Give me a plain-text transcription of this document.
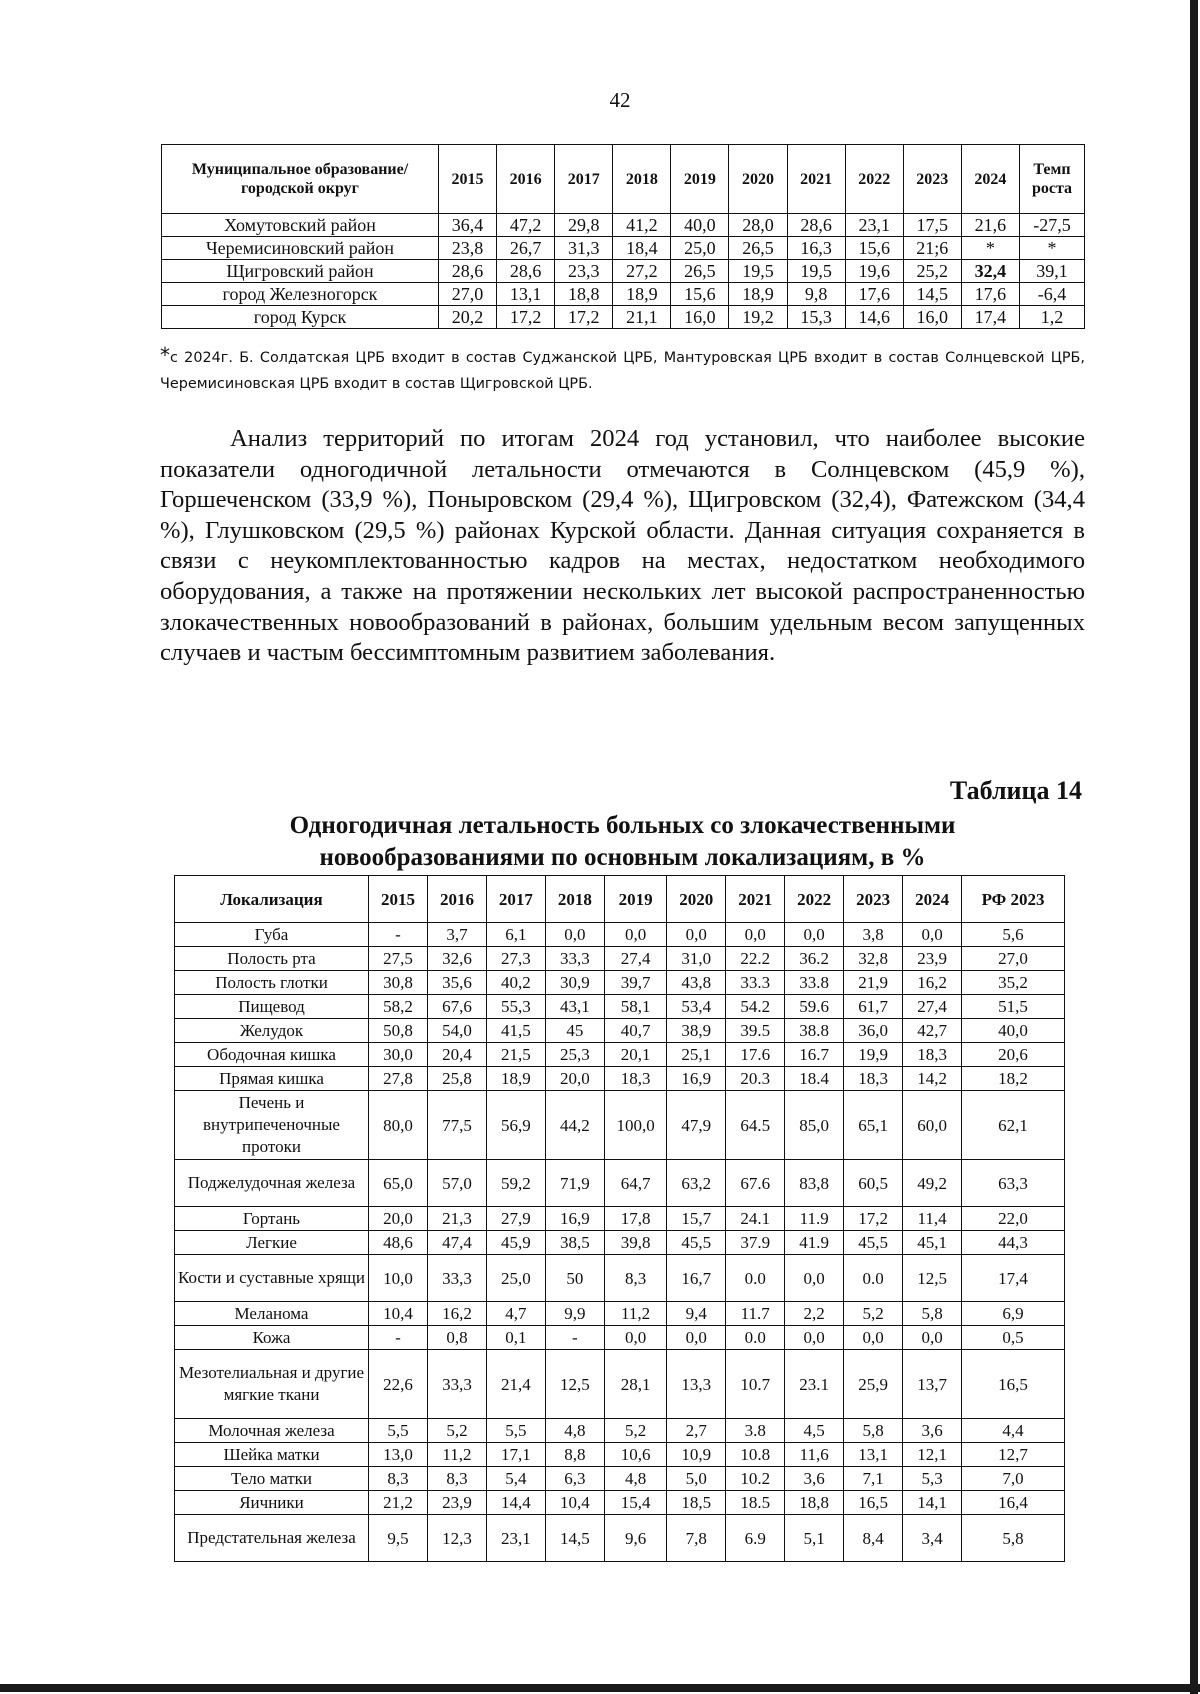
42
Муниципальное образование/городской округ	2015	2016	2017	2018	2019	2020	2021	2022	2023	2024	Темп роста
Хомутовский район	36,4	47,2	29,8	41,2	40,0	28,0	28,6	23,1	17,5	21,6	-27,5
Черемисиновский район	23,8	26,7	31,3	18,4	25,0	26,5	16,3	15,6	21;6	*	*
Щигровский район	28,6	28,6	23,3	27,2	26,5	19,5	19,5	19,6	25,2	32,4	39,1
город Железногорск	27,0	13,1	18,8	18,9	15,6	18,9	9,8	17,6	14,5	17,6	-6,4
город Курск	20,2	17,2	17,2	21,1	16,0	19,2	15,3	14,6	16,0	17,4	1,2
*с 2024г. Б. Солдатская ЦРБ входит в состав Суджанской ЦРБ, Мантуровская ЦРБ входит в состав Солнцевской ЦРБ, Черемисиновская ЦРБ входит в состав Щигровской ЦРБ.
Анализ территорий по итогам 2024 год установил, что наиболее высокие показатели одногодичной летальности отмечаются в Солнцевском (45,9 %), Горшеченском (33,9 %), Поныровском (29,4 %), Щигровском (32,4), Фатежском (34,4 %), Глушковском (29,5 %) районах Курской области. Данная ситуация сохраняется в связи с неукомплектованностью кадров на местах, недостатком необходимого оборудования, а также на протяжении нескольких лет высокой распространенностью злокачественных новообразований в районах, большим удельным весом запущенных случаев и частым бессимптомным развитием заболевания.
Таблица 14
Одногодичная летальность больных со злокачественными
новообразованиями по основным локализациям, в %
Локализация	2015	2016	2017	2018	2019	2020	2021	2022	2023	2024	РФ 2023
Губа	-	3,7	6,1	0,0	0,0	0,0	0,0	0,0	3,8	0,0	5,6
Полость рта	27,5	32,6	27,3	33,3	27,4	31,0	22.2	36.2	32,8	23,9	27,0
Полость глотки	30,8	35,6	40,2	30,9	39,7	43,8	33.3	33.8	21,9	16,2	35,2
Пищевод	58,2	67,6	55,3	43,1	58,1	53,4	54.2	59.6	61,7	27,4	51,5
Желудок	50,8	54,0	41,5	45	40,7	38,9	39.5	38.8	36,0	42,7	40,0
Ободочная кишка	30,0	20,4	21,5	25,3	20,1	25,1	17.6	16.7	19,9	18,3	20,6
Прямая кишка	27,8	25,8	18,9	20,0	18,3	16,9	20.3	18.4	18,3	14,2	18,2
Печень и внутрипеченочные протоки	80,0	77,5	56,9	44,2	100,0	47,9	64.5	85,0	65,1	60,0	62,1
Поджелудочная железа	65,0	57,0	59,2	71,9	64,7	63,2	67.6	83,8	60,5	49,2	63,3
Гортань	20,0	21,3	27,9	16,9	17,8	15,7	24.1	11.9	17,2	11,4	22,0
Легкие	48,6	47,4	45,9	38,5	39,8	45,5	37.9	41.9	45,5	45,1	44,3
Кости и суставные хрящи	10,0	33,3	25,0	50	8,3	16,7	0.0	0,0	0.0	12,5	17,4
Меланома	10,4	16,2	4,7	9,9	11,2	9,4	11.7	2,2	5,2	5,8	6,9
Кожа	-	0,8	0,1	-	0,0	0,0	0.0	0,0	0,0	0,0	0,5
Мезотелиальная и другие мягкие ткани	22,6	33,3	21,4	12,5	28,1	13,3	10.7	23.1	25,9	13,7	16,5
Молочная железа	5,5	5,2	5,5	4,8	5,2	2,7	3.8	4,5	5,8	3,6	4,4
Шейка матки	13,0	11,2	17,1	8,8	10,6	10,9	10.8	11,6	13,1	12,1	12,7
Тело матки	8,3	8,3	5,4	6,3	4,8	5,0	10.2	3,6	7,1	5,3	7,0
Яичники	21,2	23,9	14,4	10,4	15,4	18,5	18.5	18,8	16,5	14,1	16,4
Предстательная железа	9,5	12,3	23,1	14,5	9,6	7,8	6.9	5,1	8,4	3,4	5,8
